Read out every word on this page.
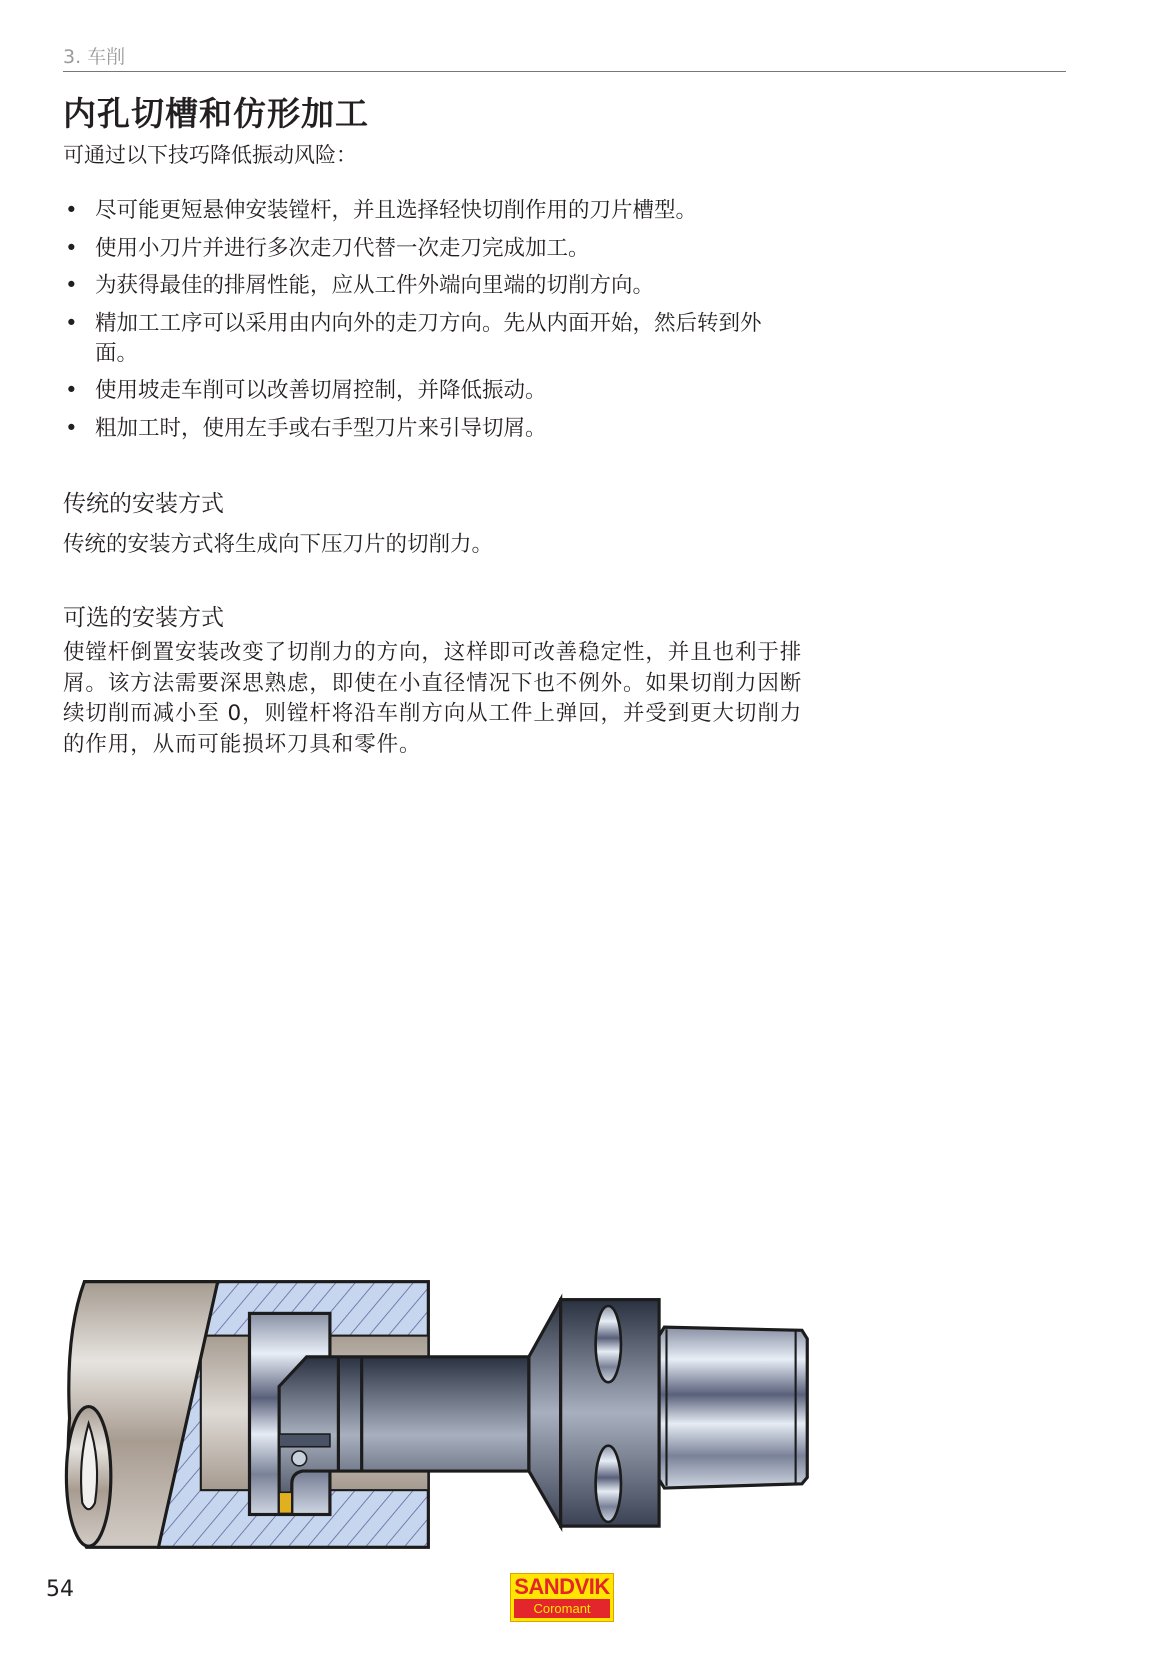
3. 车削
内孔切槽和仿形加工
可通过以下技巧降低振动风险：
• 尽可能更短悬伸安装镗杆，并且选择轻快切削作用的刀片槽型。
• 使用小刀片并进行多次走刀代替一次走刀完成加工。
• 为获得最佳的排屑性能，应从工件外端向里端的切削方向。
• 精加工工序可以采用由内向外的走刀方向。先从内面开始，然后转到外面。
• 使用坡走车削可以改善切屑控制，并降低振动。
• 粗加工时，使用左手或右手型刀片来引导切屑。
传统的安装方式
传统的安装方式将生成向下压刀片的切削力。
可选的安装方式
使镗杆倒置安装改变了切削力的方向，这样即可改善稳定性，并且也利于排屑。该方法需要深思熟虑，即使在小直径情况下也不例外。如果切削力因断续切削而减小至 0，则镗杆将沿车削方向从工件上弹回，并受到更大切削力的作用，从而可能损坏刀具和零件。
54	SANDVIK
Coromant
